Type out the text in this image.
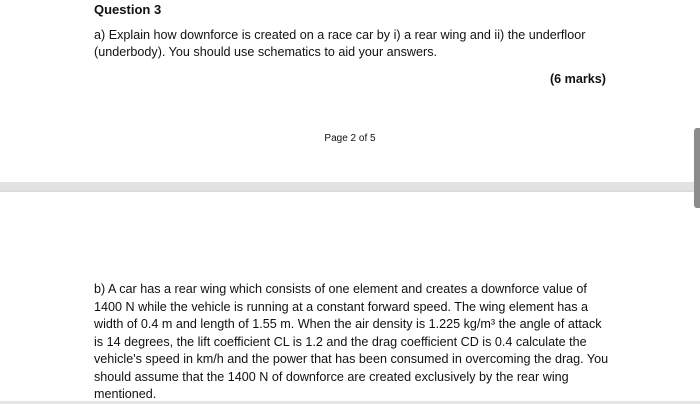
Question 3

a) Explain how downforce is created on a race car by i) a rear wing and ii) the underfloor (underbody). You should use schematics to aid your answers.

(6 marks)

Page 2 of 5

b) A car has a rear wing which consists of one element and creates a downforce value of 1400 N while the vehicle is running at a constant forward speed. The wing element has a width of 0.4 m and length of 1.55 m. When the air density is 1.225 kg/m³ the angle of attack is 14 degrees, the lift coefficient CL is 1.2 and the drag coefficient CD is 0.4 calculate the vehicle's speed in km/h and the power that has been consumed in overcoming the drag. You should assume that the 1400 N of downforce are created exclusively by the rear wing mentioned.
